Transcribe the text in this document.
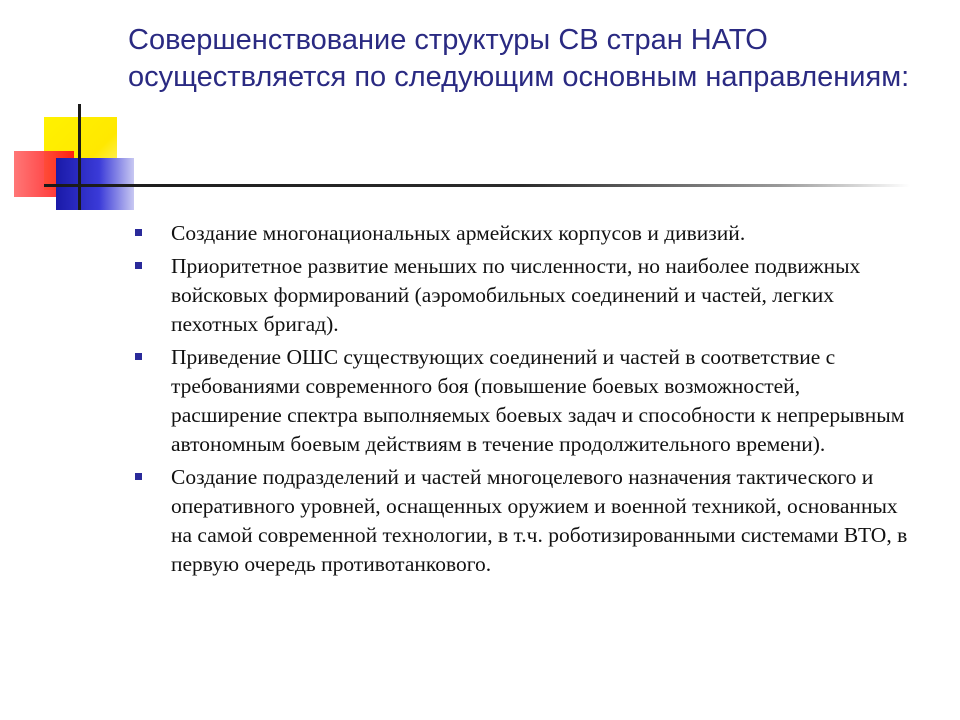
Совершенствование структуры СВ стран НАТО осуществляется по следующим основным направлениям:
Создание многонациональных армейских корпусов и дивизий.
Приоритетное развитие меньших по численности, но наиболее подвижных войсковых формирований (аэромобильных соединений и частей, легких пехотных бригад).
Приведение ОШС существующих соединений и частей в соответствие с требованиями современного боя (повышение боевых возможностей, расширение спектра выполняемых боевых задач и способности к непрерывным автономным боевым действиям в течение продолжительного времени).
Создание подразделений и частей многоцелевого назначения тактического и оперативного уровней, оснащенных оружием и военной техникой, основанных на самой современной технологии, в т.ч. роботизированными системами ВТО, в первую очередь противотанкового.
